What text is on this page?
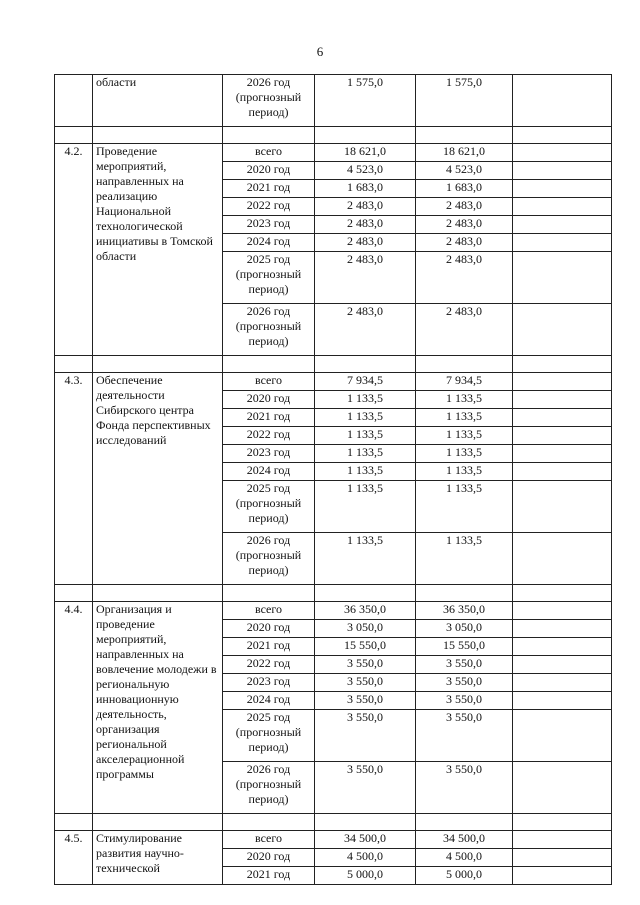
6
	области	2026 год (прогнозный период)	1 575,0	1 575,0	

4.2.	Проведение мероприятий, направленных на реализацию Национальной технологической инициативы в Томской области	всего	18 621,0	18 621,0	
		2020 год	4 523,0	4 523,0	
		2021 год	1 683,0	1 683,0	
		2022 год	2 483,0	2 483,0	
		2023 год	2 483,0	2 483,0	
		2024 год	2 483,0	2 483,0	
		2025 год (прогнозный период)	2 483,0	2 483,0	
		2026 год (прогнозный период)	2 483,0	2 483,0	

4.3.	Обеспечение деятельности Сибирского центра Фонда перспективных исследований	всего	7 934,5	7 934,5	
		2020 год	1 133,5	1 133,5	
		2021 год	1 133,5	1 133,5	
		2022 год	1 133,5	1 133,5	
		2023 год	1 133,5	1 133,5	
		2024 год	1 133,5	1 133,5	
		2025 год (прогнозный период)	1 133,5	1 133,5	
		2026 год (прогнозный период)	1 133,5	1 133,5	

4.4.	Организация и проведение мероприятий, направленных на вовлечение молодежи в региональную инновационную деятельность, организация региональной акселерационной программы	всего	36 350,0	36 350,0	
		2020 год	3 050,0	3 050,0	
		2021 год	15 550,0	15 550,0	
		2022 год	3 550,0	3 550,0	
		2023 год	3 550,0	3 550,0	
		2024 год	3 550,0	3 550,0	
		2025 год (прогнозный период)	3 550,0	3 550,0	
		2026 год (прогнозный период)	3 550,0	3 550,0	

4.5.	Стимулирование развития научно-технической	всего	34 500,0	34 500,0	
		2020 год	4 500,0	4 500,0	
		2021 год	5 000,0	5 000,0	
